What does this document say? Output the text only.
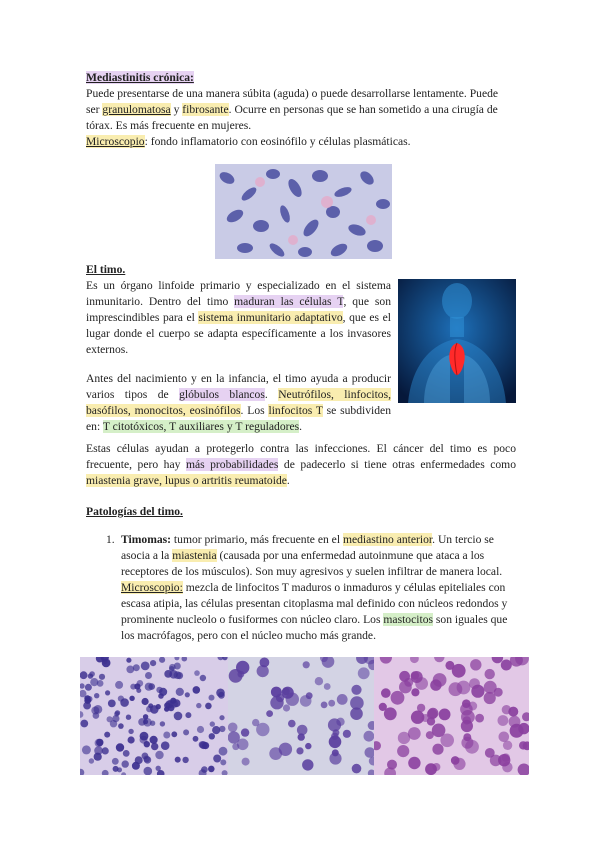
Mediastinitis crónica:

Puede presentarse de una manera súbita (aguda) o puede desarrollarse lentamente. Puede
ser granulomatosa y fibrosante. Ocurre en personas que se han sometido a una cirugía de
tórax. Es más frecuente en mujeres.
Microscopio: fondo inflamatorio con eosinófilo y células plasmáticas.

El timo.

Es un órgano linfoide primario y especializado en el sistema inmunitario. Dentro del timo maduran las células T, que son imprescindibles para el sistema inmunitario adaptativo, que es el lugar donde el cuerpo se adapta específicamente a los invasores externos.

Antes del nacimiento y en la infancia, el timo ayuda a producir varios tipos de glóbulos blancos. Neutrófilos, linfocitos, basófilos, monocitos, eosinófilos. Los linfocitos T se subdividen en: T citotóxicos, T auxiliares y T reguladores.

Estas células ayudan a protegerlo contra las infecciones. El cáncer del timo es poco frecuente, pero hay más probabilidades de padecerlo si tiene otras enfermedades como miastenia grave, lupus o artritis reumatoide.

Patologías del timo.

1. Timomas: tumor primario, más frecuente en el mediastino anterior. Un tercio se asocia a la miastenia (causada por una enfermedad autoinmune que ataca a los receptores de los músculos). Son muy agresivos y suelen infiltrar de manera local. Microscopio: mezcla de linfocitos T maduros o inmaduros y células epiteliales con escasa atipia, las células presentan citoplasma mal definido con núcleos redondos y prominente nucleolo o fusiformes con núcleo claro. Los mastocitos son iguales que los macrófagos, pero con el núcleo mucho más grande.
